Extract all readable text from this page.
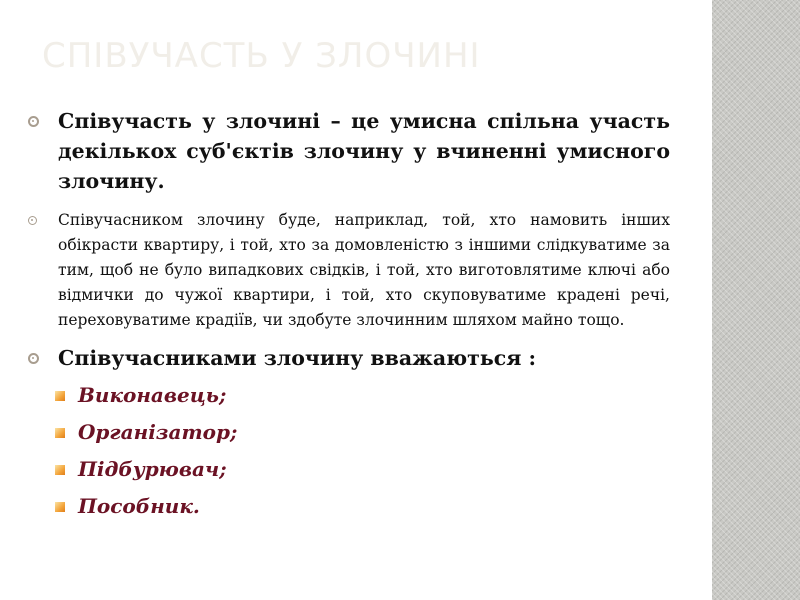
СПІВУЧАСТЬ У ЗЛОЧИНІ

Співучасть у злочині – це умисна спільна участь декількох суб'єктів злочину у вчиненні умисного злочину.

Співучасником злочину буде, наприклад, той, хто намовить інших обікрасти квартиру, і той, хто за домовленістю з іншими слідкуватиме за тим, щоб не було випадкових свідків, і той, хто виготовлятиме ключі або відмички до чужої квартири, і той, хто скуповуватиме крадені речі, переховуватиме крадіїв, чи здобуте злочинним шляхом майно тощо.

Співучасниками злочину вважаються :

Виконавець;
Організатор;
Підбурювач;
Пособник.
